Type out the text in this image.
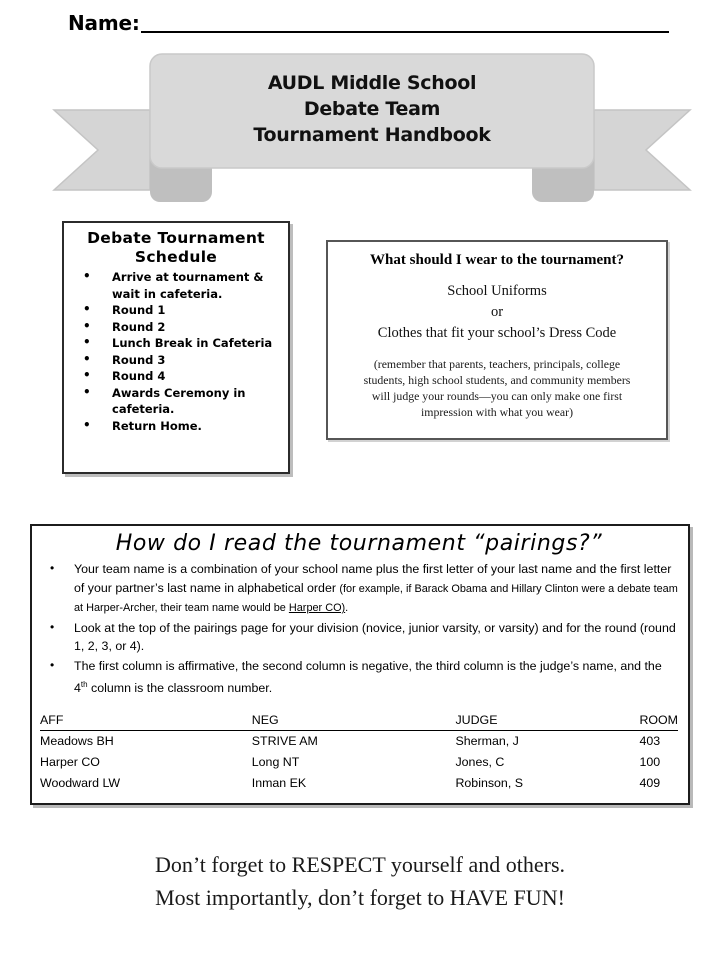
Name:
AUDL Middle School
Debate Team
Tournament Handbook
Debate Tournament
Schedule
• Arrive at tournament & wait in cafeteria.
• Round 1
• Round 2
• Lunch Break in Cafeteria
• Round 3
• Round 4
• Awards Ceremony in cafeteria.
• Return Home.
What should I wear to the tournament?
School Uniforms
or
Clothes that fit your school’s Dress Code
(remember that parents, teachers, principals, college
students, high school students, and community members
will judge your rounds—you can only make one first
impression with what you wear)
How do I read the tournament “pairings?”
• Your team name is a combination of your school name plus the first letter of your last name and the first letter of your partner’s last name in alphabetical order (for example, if Barack Obama and Hillary Clinton were a debate team at Harper-Archer, their team name would be Harper CO).
• Look at the top of the pairings page for your division (novice, junior varsity, or varsity) and for the round (round 1, 2, 3, or 4).
• The first column is affirmative, the second column is negative, the third column is the judge’s name, and the 4th column is the classroom number.
AFF	NEG	JUDGE	ROOM
Meadows BH	STRIVE AM	Sherman, J	403
Harper CO	Long NT	Jones, C	100
Woodward LW	Inman EK	Robinson, S	409
Don’t forget to RESPECT yourself and others.
Most importantly, don’t forget to HAVE FUN!
